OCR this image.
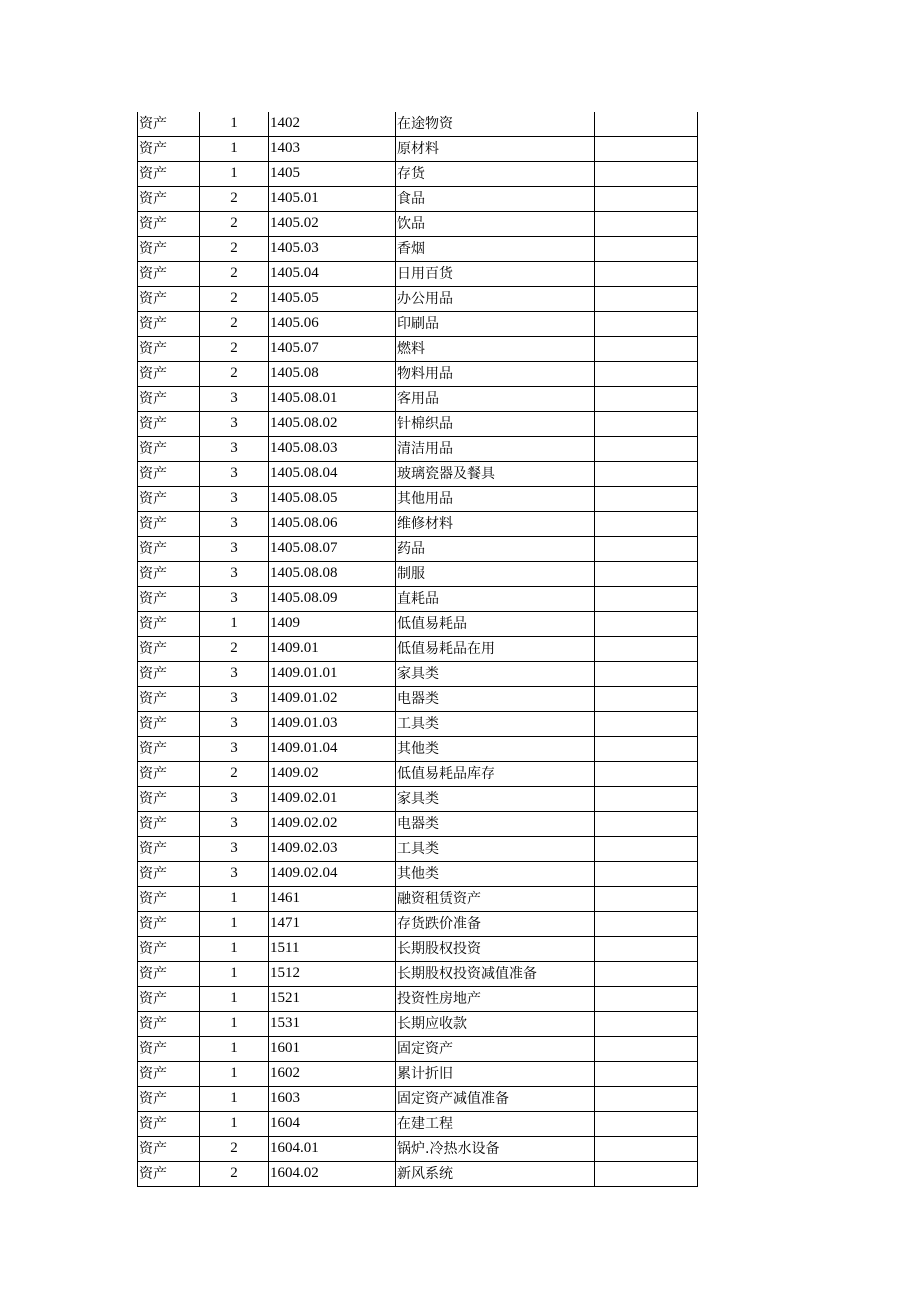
资产	1	1402	在途物资	
资产	1	1403	原材料	
资产	1	1405	存货	
资产	2	1405.01	食品	
资产	2	1405.02	饮品	
资产	2	1405.03	香烟	
资产	2	1405.04	日用百货	
资产	2	1405.05	办公用品	
资产	2	1405.06	印刷品	
资产	2	1405.07	燃料	
资产	2	1405.08	物料用品	
资产	3	1405.08.01	客用品	
资产	3	1405.08.02	针棉织品	
资产	3	1405.08.03	清洁用品	
资产	3	1405.08.04	玻璃瓷器及餐具	
资产	3	1405.08.05	其他用品	
资产	3	1405.08.06	维修材料	
资产	3	1405.08.07	药品	
资产	3	1405.08.08	制服	
资产	3	1405.08.09	直耗品	
资产	1	1409	低值易耗品	
资产	2	1409.01	低值易耗品在用	
资产	3	1409.01.01	家具类	
资产	3	1409.01.02	电器类	
资产	3	1409.01.03	工具类	
资产	3	1409.01.04	其他类	
资产	2	1409.02	低值易耗品库存	
资产	3	1409.02.01	家具类	
资产	3	1409.02.02	电器类	
资产	3	1409.02.03	工具类	
资产	3	1409.02.04	其他类	
资产	1	1461	融资租赁资产	
资产	1	1471	存货跌价准备	
资产	1	1511	长期股权投资	
资产	1	1512	长期股权投资减值准备	
资产	1	1521	投资性房地产	
资产	1	1531	长期应收款	
资产	1	1601	固定资产	
资产	1	1602	累计折旧	
资产	1	1603	固定资产减值准备	
资产	1	1604	在建工程	
资产	2	1604.01	锅炉.冷热水设备	
资产	2	1604.02	新风系统	
